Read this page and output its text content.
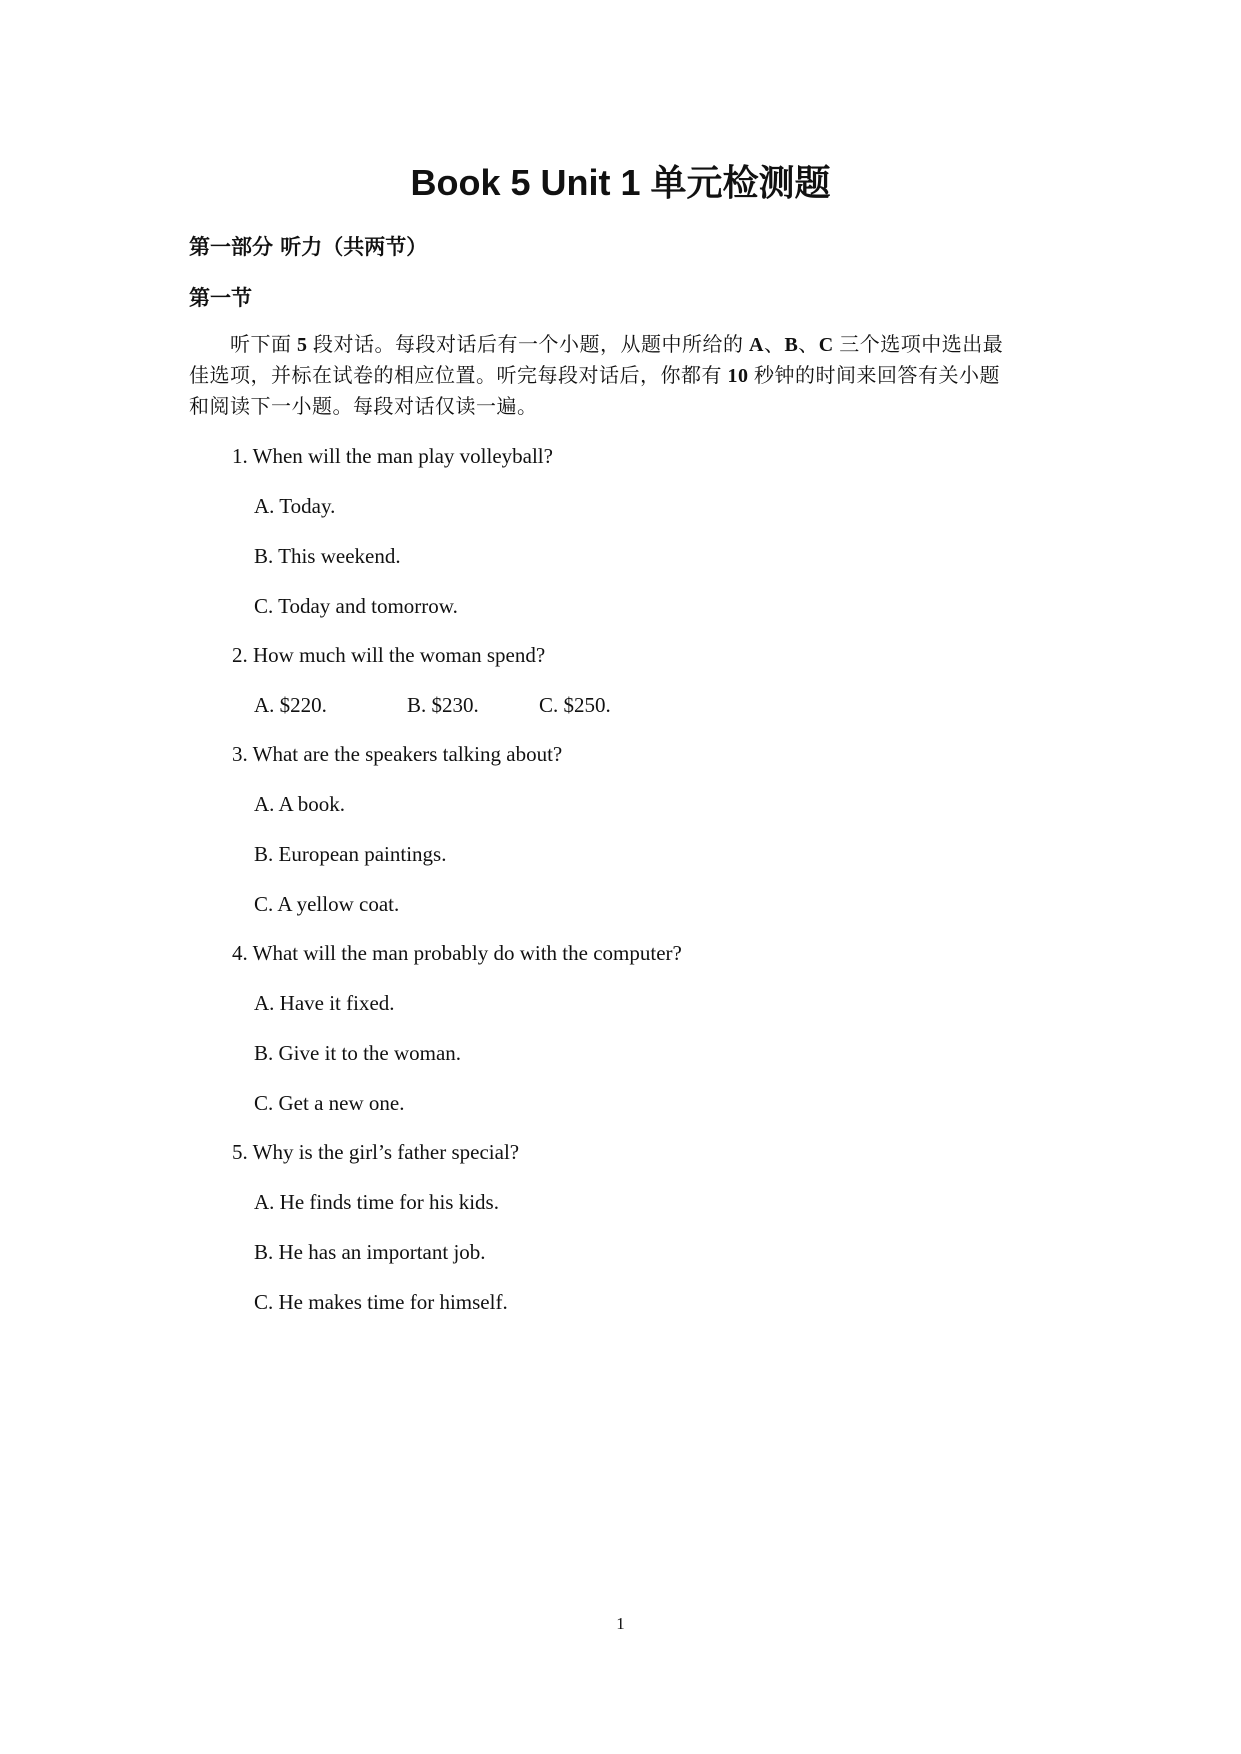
Book 5 Unit 1 单元检测题
第一部分 听力（共两节）
第一节
　　听下面 5 段对话。每段对话后有一个小题，从题中所给的 A、B、C 三个选项中选出最
佳选项，并标在试卷的相应位置。听完每段对话后，你都有 10 秒钟的时间来回答有关小题
和阅读下一小题。每段对话仅读一遍。
1. When will the man play volleyball?
A. Today.
B. This weekend.
C. Today and tomorrow.
2. How much will the woman spend?
A. $220.	B. $230.	C. $250.
3. What are the speakers talking about?
A. A book.
B. European paintings.
C. A yellow coat.
4. What will the man probably do with the computer?
A. Have it fixed.
B. Give it to the woman.
C. Get a new one.
5. Why is the girl’s father special?
A. He finds time for his kids.
B. He has an important job.
C. He makes time for himself.
1
